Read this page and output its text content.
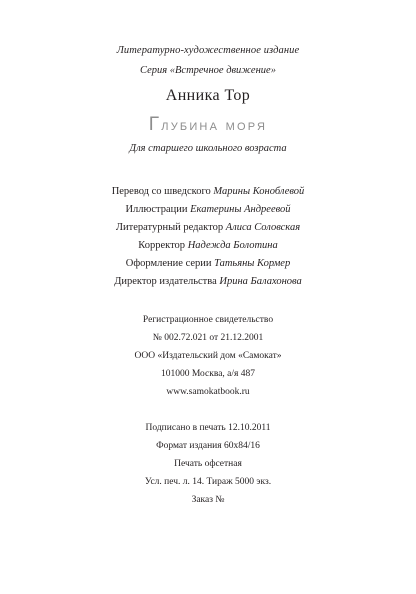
Литературно-художественное издание
Серия «Встречное движение»
Анника Тор
Глубина моря
Для старшего школьного возраста
Перевод со шведского Марины Коноблевой
Иллюстрации Екатерины Андреевой
Литературный редактор Алиса Соловская
Корректор Надежда Болотина
Оформление серии Татьяны Кормер
Директор издательства Ирина Балахонова
Регистрационное свидетельство
№ 002.72.021 от 21.12.2001
ООО «Издательский дом «Самокат»
101000 Москва, а/я 487
www.samokatbook.ru
Подписано в печать 12.10.2011
Формат издания 60x84/16
Печать офсетная
Усл. печ. л. 14. Тираж 5000 экз.
Заказ №
